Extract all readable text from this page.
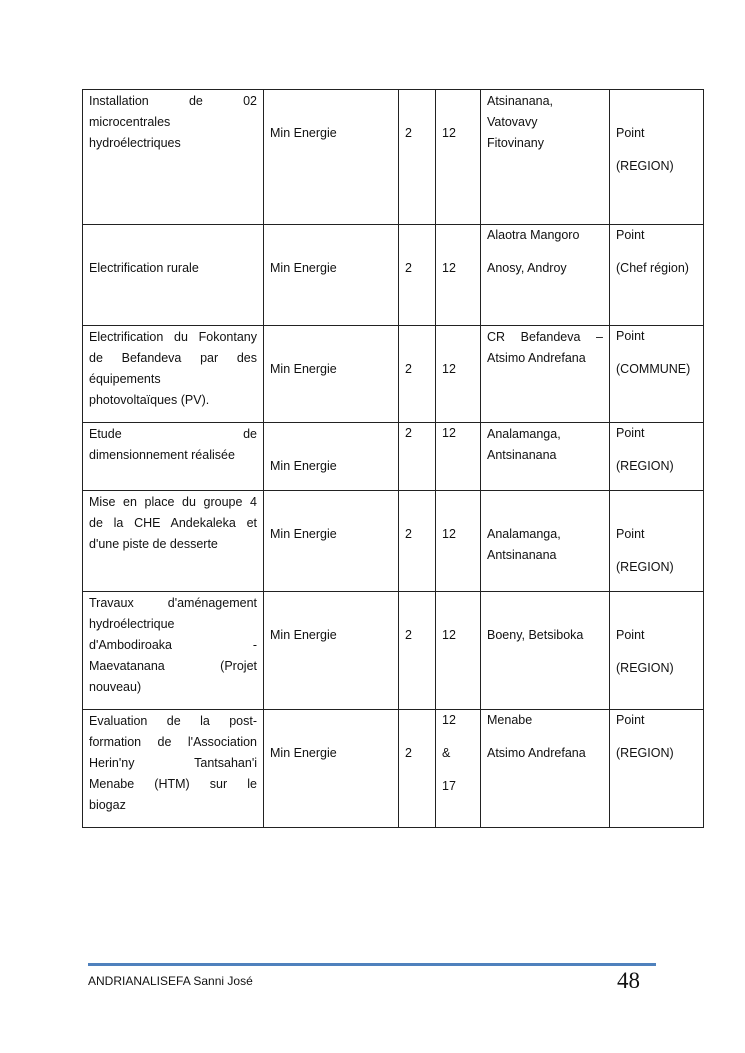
Installation de 02
microcentrales
hydroélectriques	Min Energie	2	12	Atsinanana,
Vatovavy
Fitovinany	Point
(REGION)

Electrification rurale	Min Energie	2	12	Alaotra Mangoro
Anosy, Androy	Point
(Chef région)

Electrification du Fokontany
de Befandeva par des
équipements
photovoltaïques (PV).	Min Energie	2	12	CR Befandeva –
Atsimo Andrefana	Point
(COMMUNE)

Etude de
dimensionnement réalisée	Min Energie	2	12	Analamanga,
Antsinanana	Point
(REGION)

Mise en place du groupe 4
de la CHE Andekaleka et
d'une piste de desserte	Min Energie	2	12	Analamanga,
Antsinanana	Point
(REGION)

Travaux d'aménagement
hydroélectrique
d'Ambodiroaka -
Maevatanana (Projet
nouveau)	Min Energie	2	12	Boeny, Betsiboka	Point
(REGION)

Evaluation de la post-
formation de l'Association
Herin'ny Tantsahan'i
Menabe (HTM) sur le
biogaz	Min Energie	2	12
&
17	Menabe
Atsimo Andrefana	Point
(REGION)
ANDRIANALISEFA Sanni José	48
